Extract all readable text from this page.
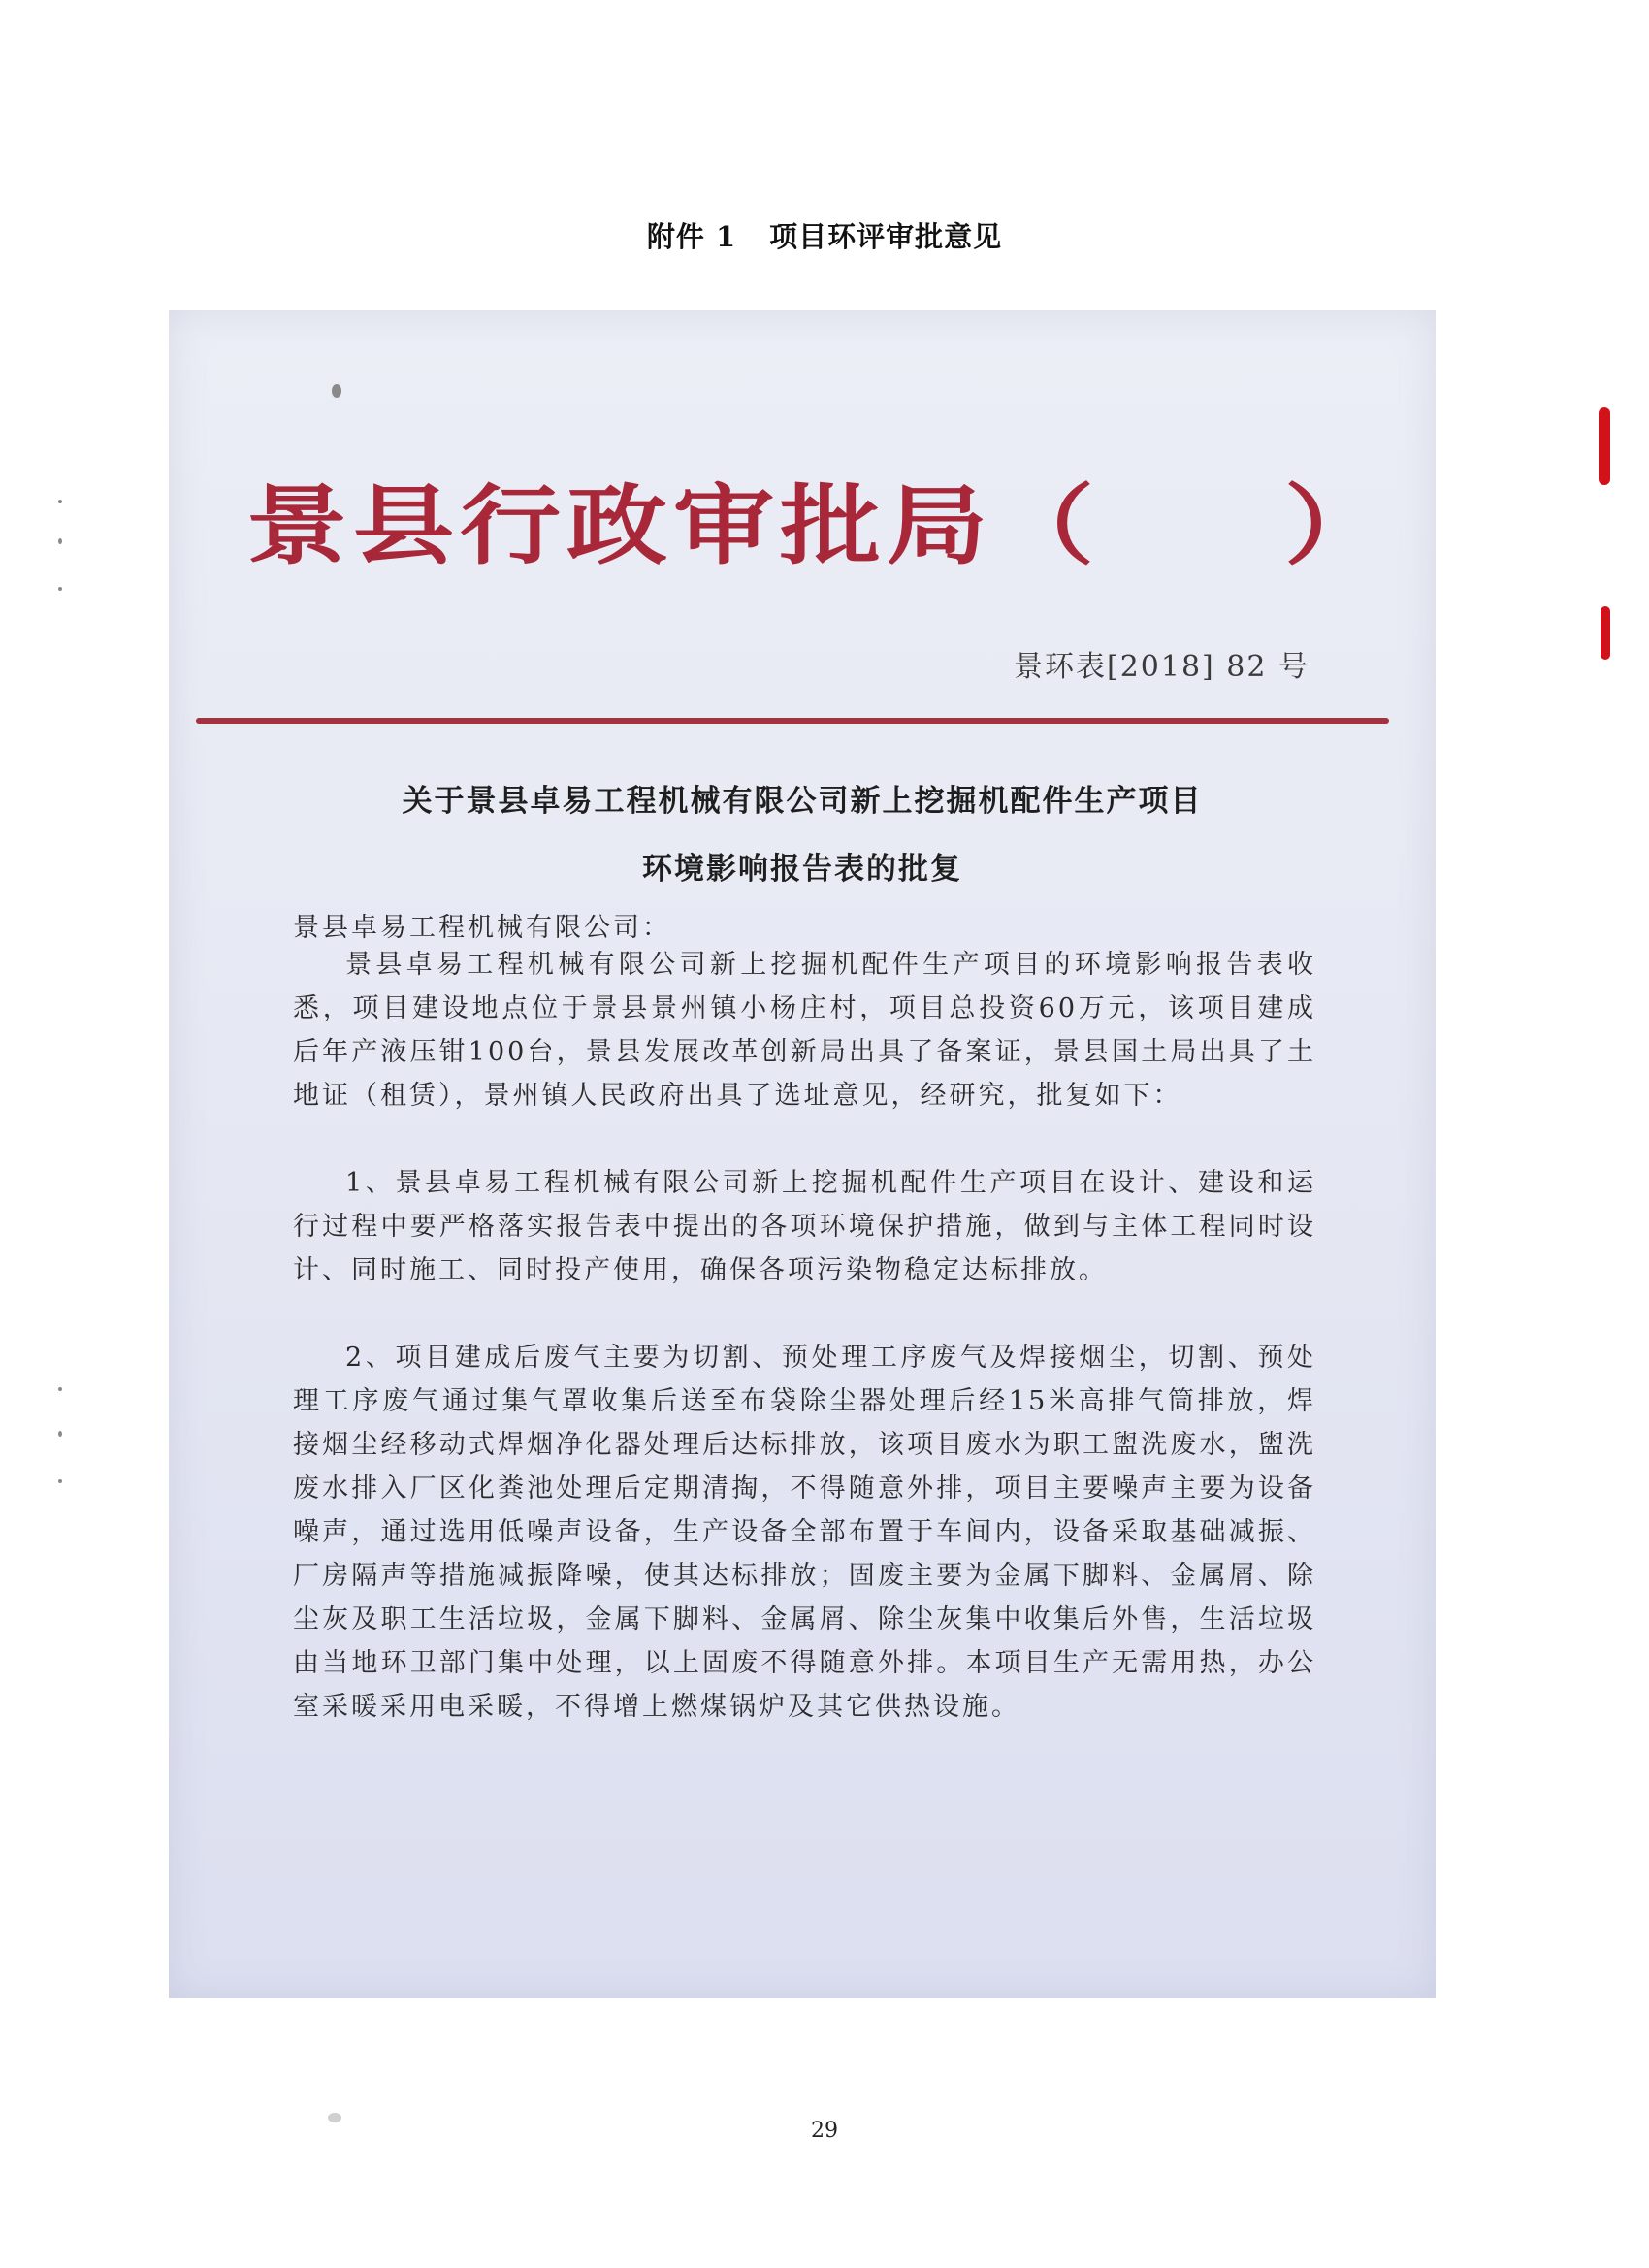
附件 1 项目环评审批意见
景县行政审批局（ ）
景环表[2018] 82 号
关于景县卓易工程机械有限公司新上挖掘机配件生产项目
环境影响报告表的批复
景县卓易工程机械有限公司：

景县卓易工程机械有限公司新上挖掘机配件生产项目的环境影响报告表收悉，项目建设地点位于景县景州镇小杨庄村，项目总投资60万元，该项目建成后年产液压钳100台，景县发展改革创新局出具了备案证，景县国土局出具了土地证（租赁），景州镇人民政府出具了选址意见，经研究，批复如下：

1、景县卓易工程机械有限公司新上挖掘机配件生产项目在设计、建设和运行过程中要严格落实报告表中提出的各项环境保护措施，做到与主体工程同时设计、同时施工、同时投产使用，确保各项污染物稳定达标排放。

2、项目建成后废气主要为切割、预处理工序废气及焊接烟尘，切割、预处理工序废气通过集气罩收集后送至布袋除尘器处理后经15米高排气筒排放，焊接烟尘经移动式焊烟净化器处理后达标排放，该项目废水为职工盥洗废水，盥洗废水排入厂区化粪池处理后定期清掏，不得随意外排，项目主要噪声主要为设备噪声，通过选用低噪声设备，生产设备全部布置于车间内，设备采取基础减振、厂房隔声等措施减振降噪，使其达标排放；固废主要为金属下脚料、金属屑、除尘灰及职工生活垃圾，金属下脚料、金属屑、除尘灰集中收集后外售，生活垃圾由当地环卫部门集中处理，以上固废不得随意外排。本项目生产无需用热，办公室采暖采用电采暖，不得增上燃煤锅炉及其它供热设施。

29
